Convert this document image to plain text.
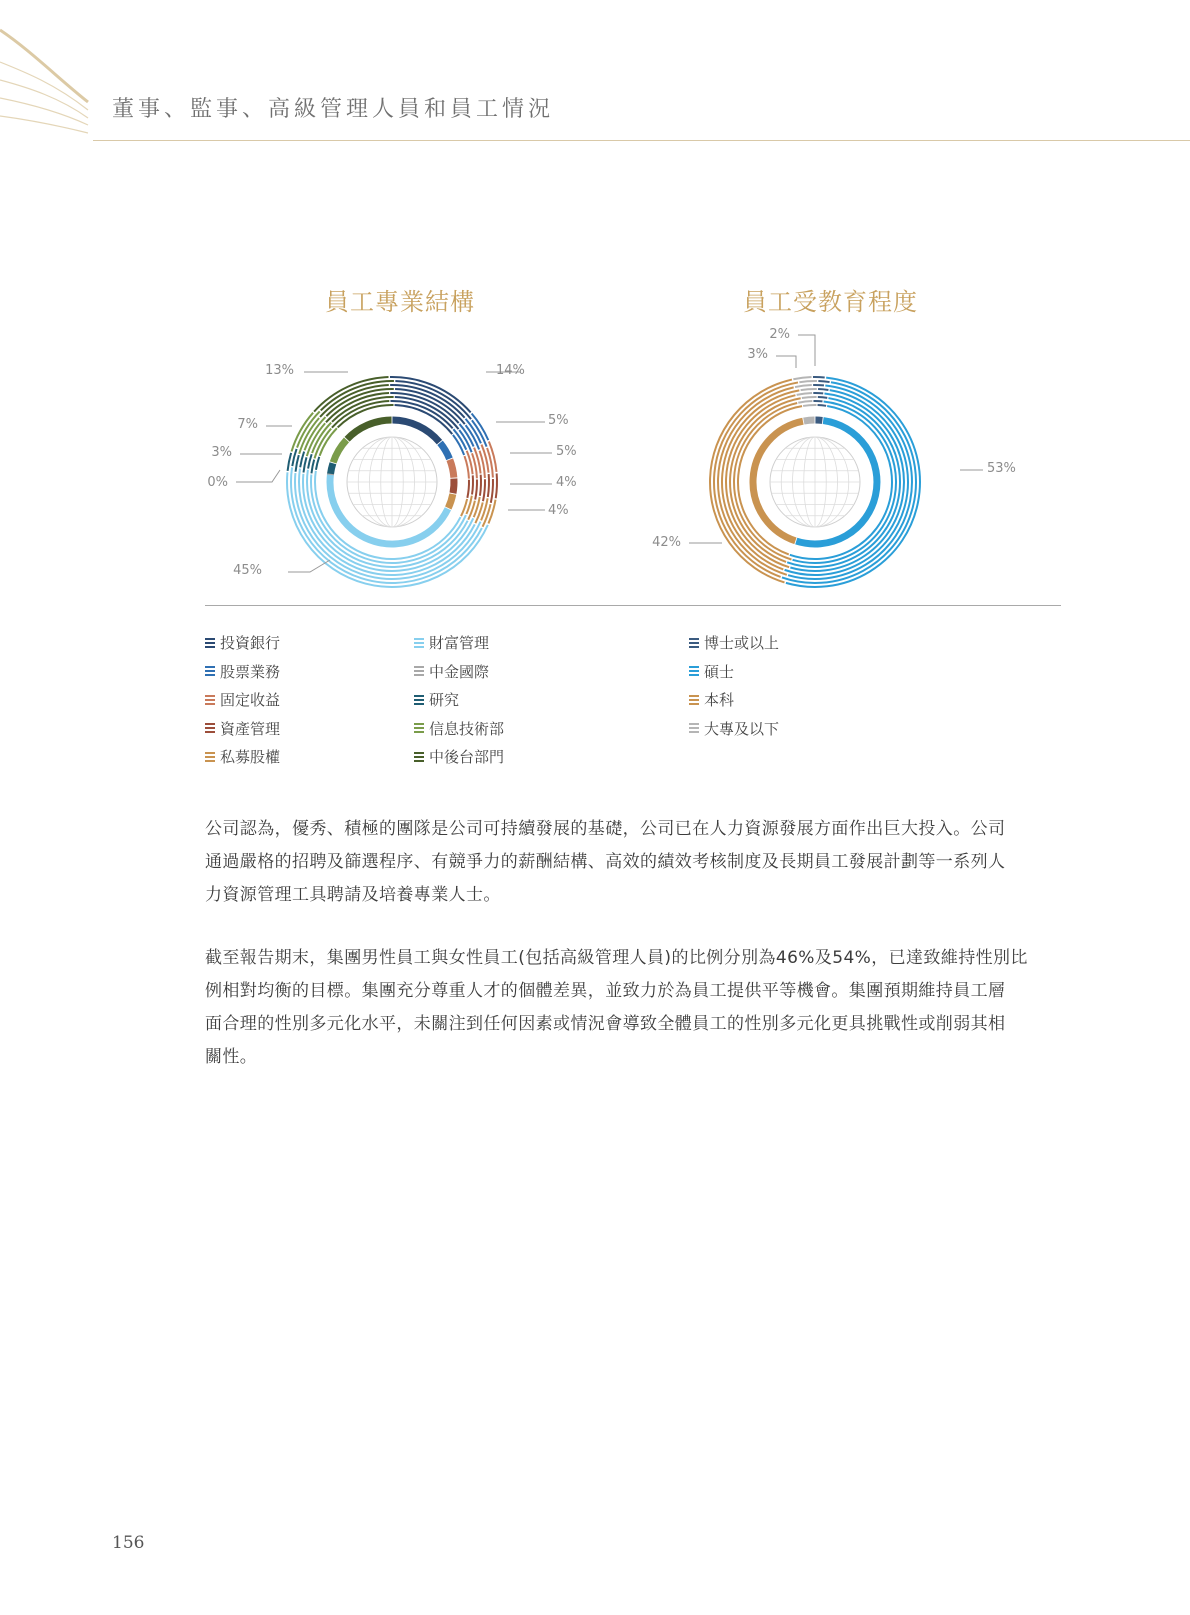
董事、監事、高級管理人員和員工情況
員工專業結構	員工受教育程度
14%
5%
5%
4%
4%
45%
0%
3%
7%
13%
2%
3%
53%
42%
投資銀行
股票業務
固定收益
資產管理
私募股權
財富管理
中金國際
研究
信息技術部
中後台部門
博士或以上
碩士
本科
大專及以下
公司認為，優秀、積極的團隊是公司可持續發展的基礎，公司已在人力資源發展方面作出巨大投入。公司
通過嚴格的招聘及篩選程序、有競爭力的薪酬結構、高效的績效考核制度及長期員工發展計劃等一系列人
力資源管理工具聘請及培養專業人士。
截至報告期末，集團男性員工與女性員工(包括高級管理人員)的比例分別為46%及54%，已達致維持性別比
例相對均衡的目標。集團充分尊重人才的個體差異，並致力於為員工提供平等機會。集團預期維持員工層
面合理的性別多元化水平，未關注到任何因素或情況會導致全體員工的性別多元化更具挑戰性或削弱其相
關性。
156
